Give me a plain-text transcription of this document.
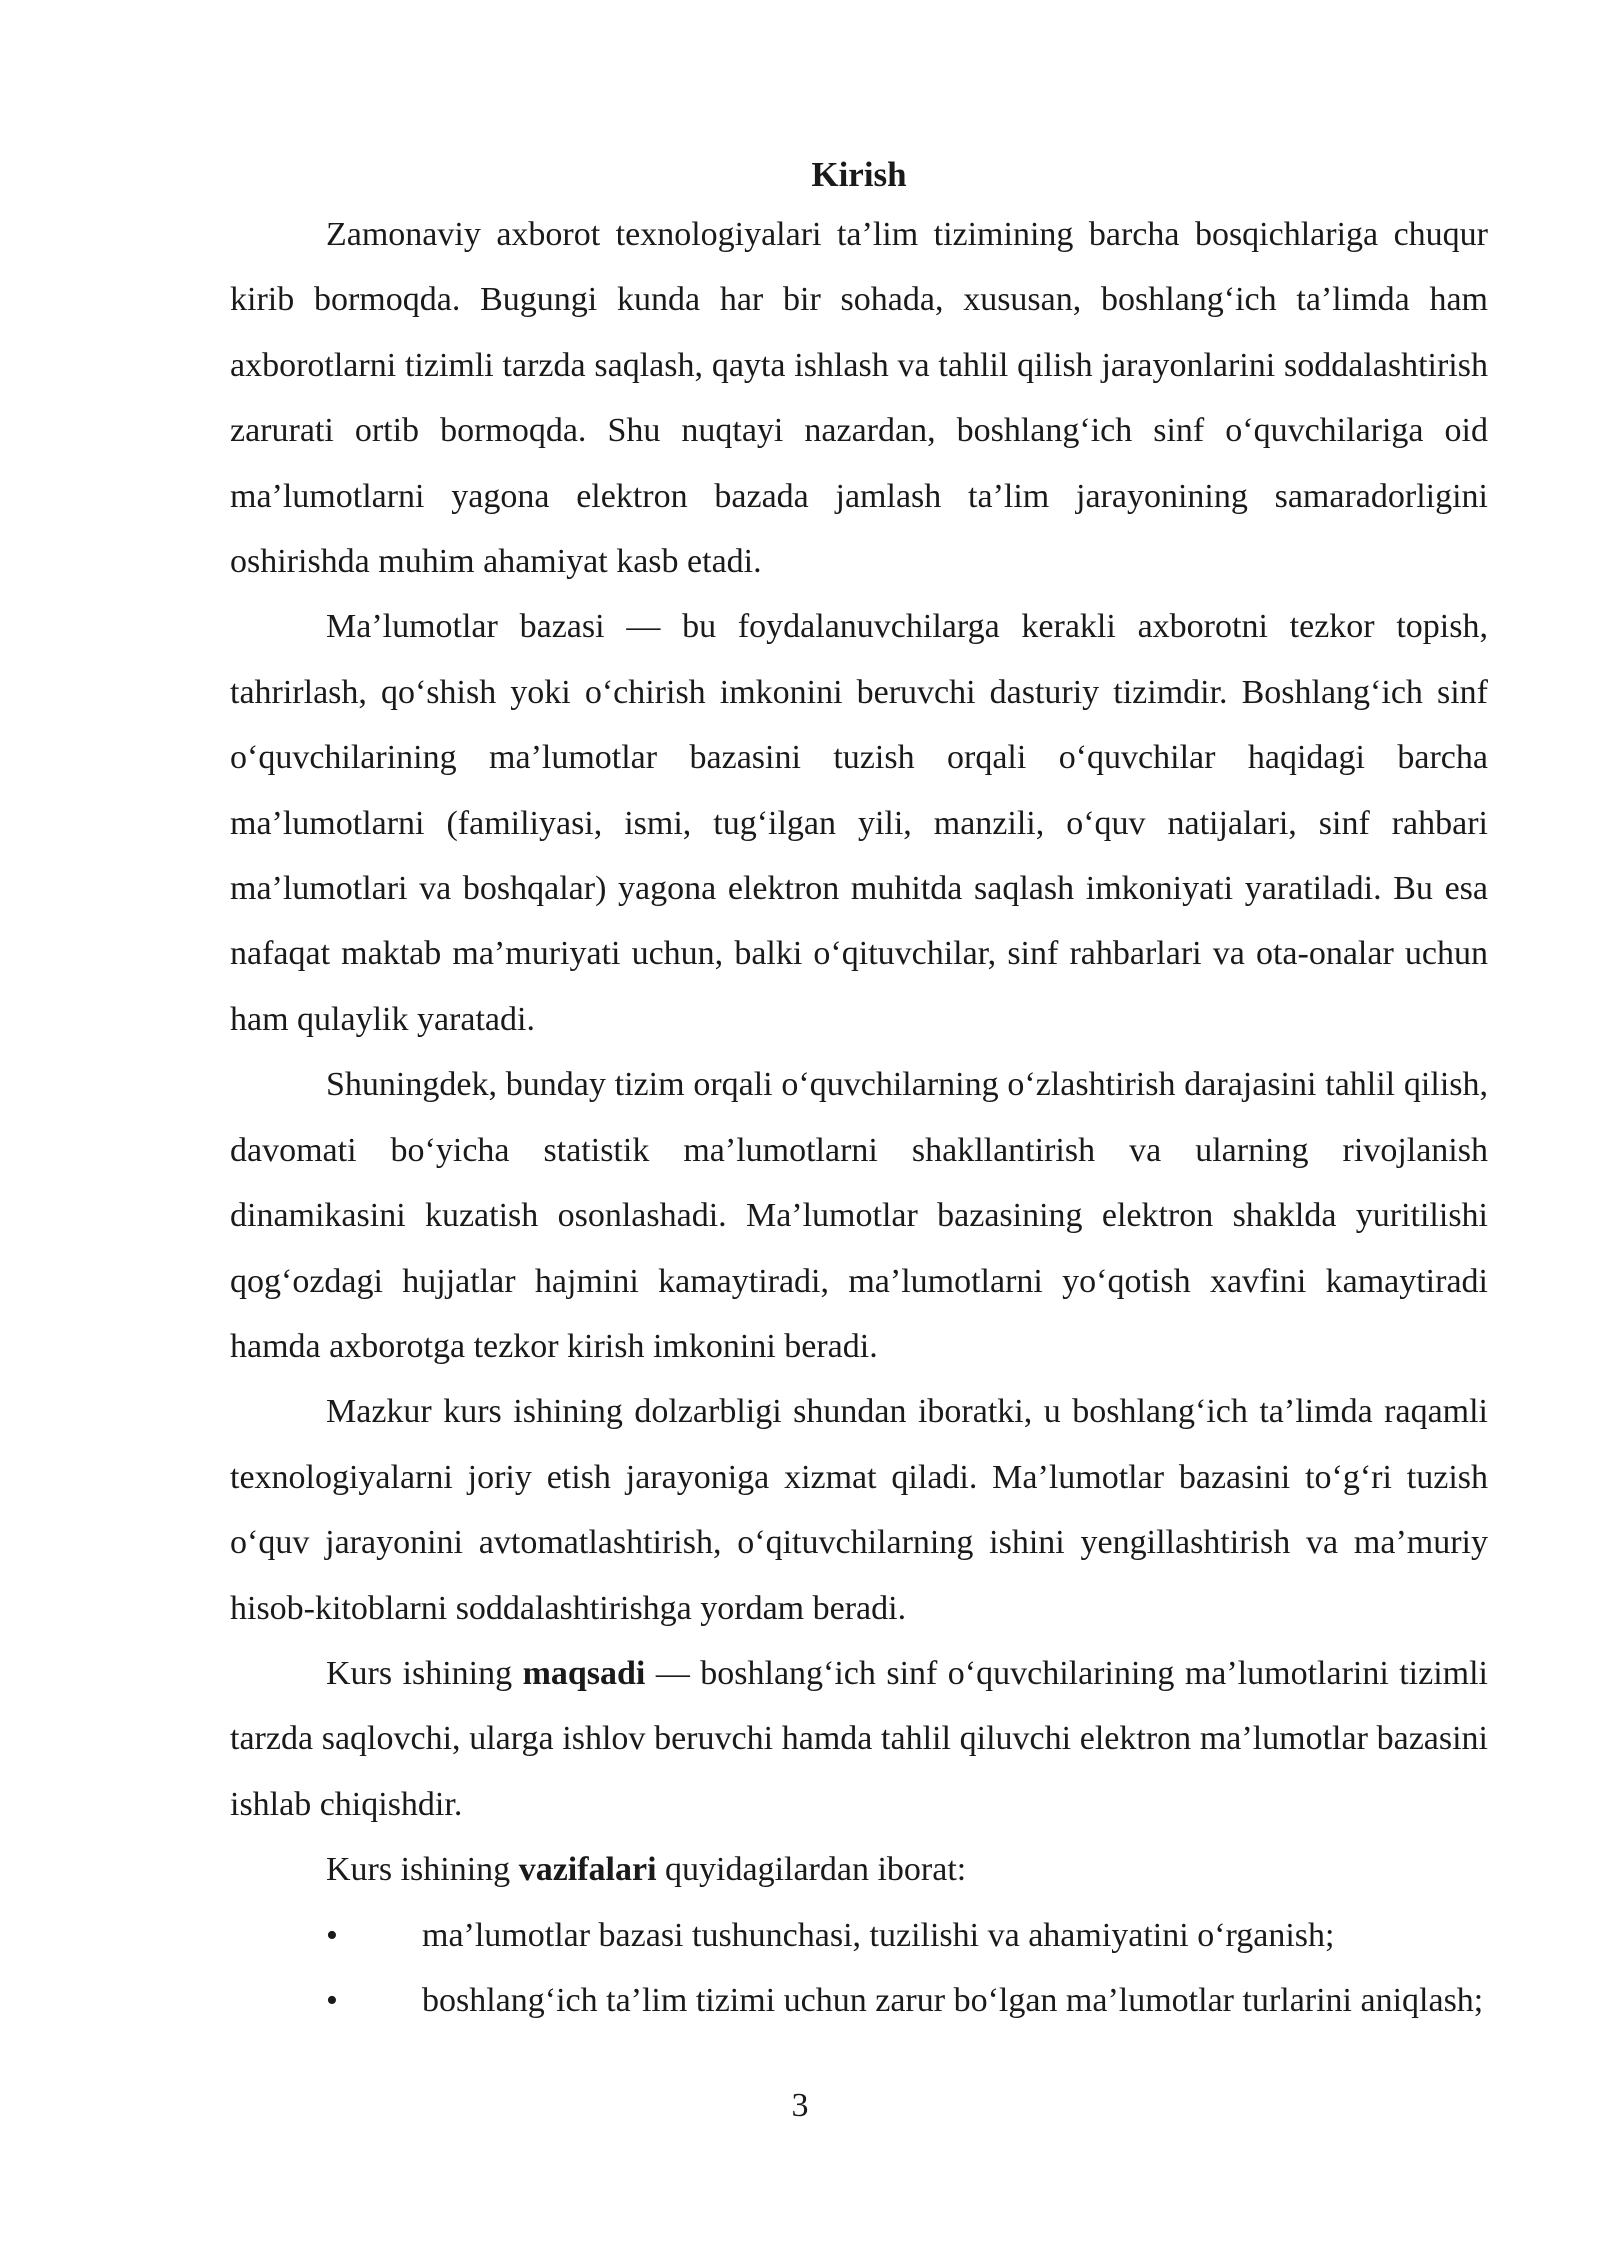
Kirish

Zamonaviy axborot texnologiyalari ta’lim tizimining barcha bosqichlariga chuqur kirib bormoqda. Bugungi kunda har bir sohada, xususan, boshlang‘ich ta’limda ham axborotlarni tizimli tarzda saqlash, qayta ishlash va tahlil qilish jarayonlarini soddalashtirish zarurati ortib bormoqda. Shu nuqtayi nazardan, boshlang‘ich sinf o‘quvchilariga oid ma’lumotlarni yagona elektron bazada jamlash ta’lim jarayonining samaradorligini oshirishda muhim ahamiyat kasb etadi.

Ma’lumotlar bazasi — bu foydalanuvchilarga kerakli axborotni tezkor topish, tahrirlash, qo‘shish yoki o‘chirish imkonini beruvchi dasturiy tizimdir. Boshlang‘ich sinf o‘quvchilarining ma’lumotlar bazasini tuzish orqali o‘quvchilar haqidagi barcha ma’lumotlarni (familiyasi, ismi, tug‘ilgan yili, manzili, o‘quv natijalari, sinf rahbari ma’lumotlari va boshqalar) yagona elektron muhitda saqlash imkoniyati yaratiladi. Bu esa nafaqat maktab ma’muriyati uchun, balki o‘qituvchilar, sinf rahbarlari va ota-onalar uchun ham qulaylik yaratadi.

Shuningdek, bunday tizim orqali o‘quvchilarning o‘zlashtirish darajasini tahlil qilish, davomati bo‘yicha statistik ma’lumotlarni shakllantirish va ularning rivojlanish dinamikasini kuzatish osonlashadi. Ma’lumotlar bazasining elektron shaklda yuritilishi qog‘ozdagi hujjatlar hajmini kamaytiradi, ma’lumotlarni yo‘qotish xavfini kamaytiradi hamda axborotga tezkor kirish imkonini beradi.

Mazkur kurs ishining dolzarbligi shundan iboratki, u boshlang‘ich ta’limda raqamli texnologiyalarni joriy etish jarayoniga xizmat qiladi. Ma’lumotlar bazasini to‘g‘ri tuzish o‘quv jarayonini avtomatlashtirish, o‘qituvchilarning ishini yengillashtirish va ma’muriy hisob-kitoblarni soddalashtirishga yordam beradi.

Kurs ishining maqsadi — boshlang‘ich sinf o‘quvchilarining ma’lumotlarini tizimli tarzda saqlovchi, ularga ishlov beruvchi hamda tahlil qiluvchi elektron ma’lumotlar bazasini ishlab chiqishdir.

Kurs ishining vazifalari quyidagilardan iborat:

• ma’lumotlar bazasi tushunchasi, tuzilishi va ahamiyatini o‘rganish;
• boshlang‘ich ta’lim tizimi uchun zarur bo‘lgan ma’lumotlar turlarini aniqlash;
3
